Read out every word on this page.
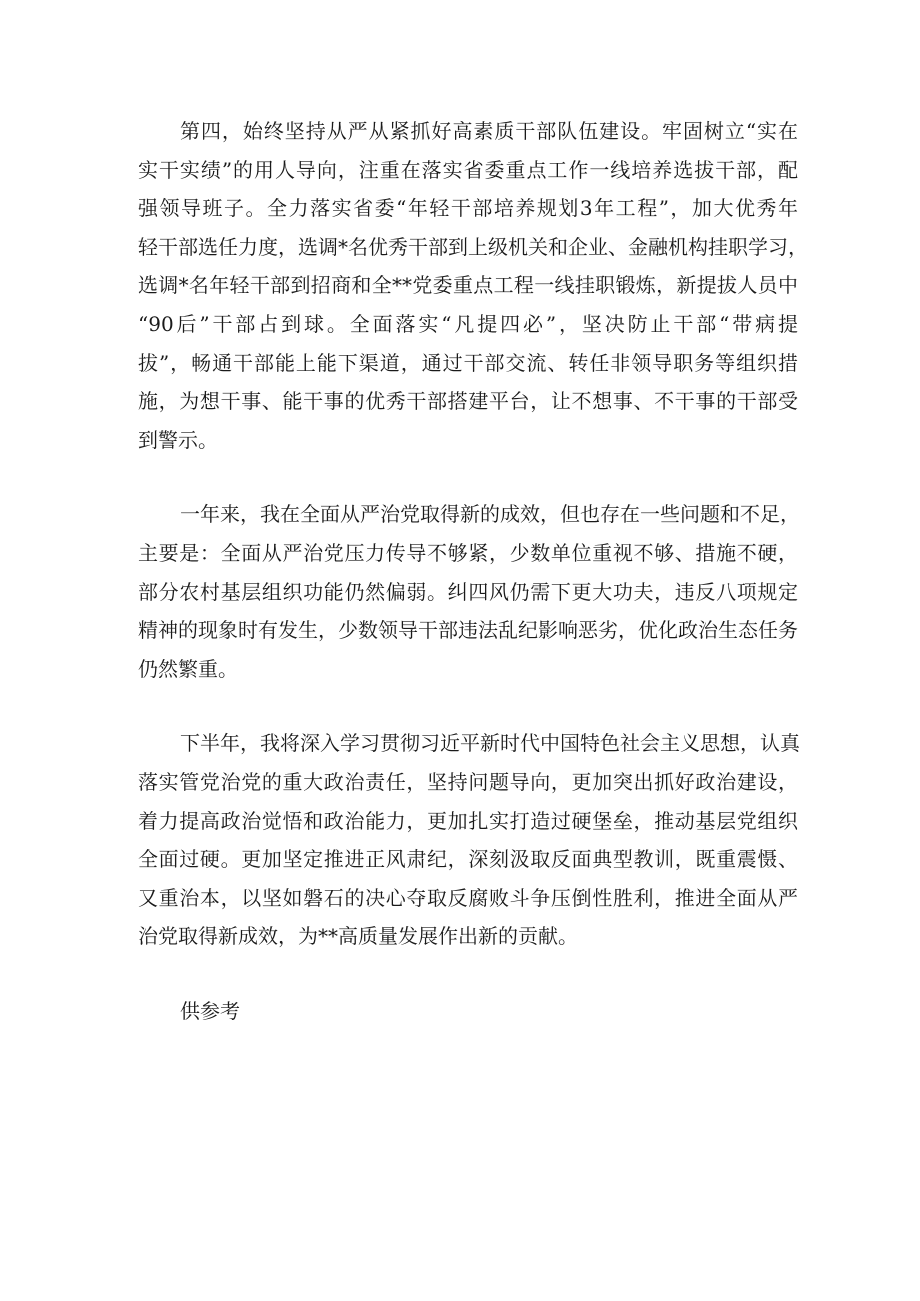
第四，始终坚持从严从紧抓好高素质干部队伍建设。牢固树立“实在
实干实绩”的用人导向，注重在落实省委重点工作一线培养选拔干部，配
强领导班子。全力落实省委“年轻干部培养规划3年工程”，加大优秀年
轻干部选任力度，选调*名优秀干部到上级机关和企业、金融机构挂职学习，
选调*名年轻干部到招商和全**党委重点工程一线挂职锻炼，新提拔人员中
“90后”干部占到球。全面落实“凡提四必”，坚决防止干部“带病提
拔”，畅通干部能上能下渠道，通过干部交流、转任非领导职务等组织措
施，为想干事、能干事的优秀干部搭建平台，让不想事、不干事的干部受
到警示。
一年来，我在全面从严治党取得新的成效，但也存在一些问题和不足，
主要是：全面从严治党压力传导不够紧，少数单位重视不够、措施不硬，
部分农村基层组织功能仍然偏弱。纠四风仍需下更大功夫，违反八项规定
精神的现象时有发生，少数领导干部违法乱纪影响恶劣，优化政治生态任务
仍然繁重。
下半年，我将深入学习贯彻习近平新时代中国特色社会主义思想，认真
落实管党治党的重大政治责任，坚持问题导向，更加突出抓好政治建设，
着力提高政治觉悟和政治能力，更加扎实打造过硬堡垒，推动基层党组织
全面过硬。更加坚定推进正风肃纪，深刻汲取反面典型教训，既重震慑、
又重治本，以坚如磐石的决心夺取反腐败斗争压倒性胜利，推进全面从严
治党取得新成效，为**高质量发展作出新的贡献。
供参考
